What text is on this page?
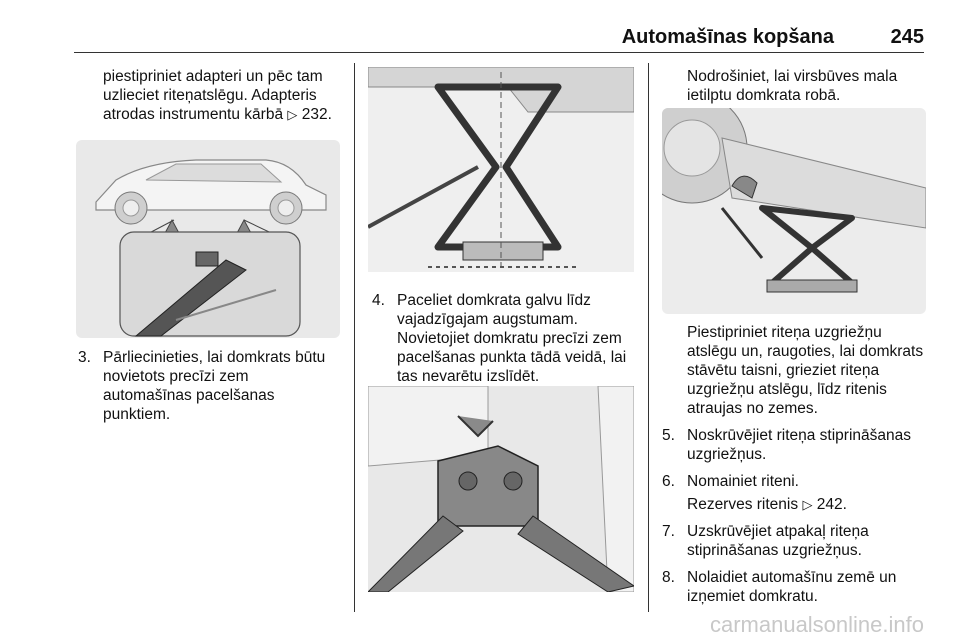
Automašīnas kopšana	245

piestipriniet adapteri un pēc tam uzlieciet riteņatslēgu. Adapteris atrodas instrumentu kārbā ▷ 232.

3. Pārliecinieties, lai domkrats būtu novietots precīzi zem automašīnas pacelšanas punktiem.
4. Paceliet domkrata galvu līdz vajadzīgajam augstumam. Novietojiet domkratu precīzi zem pacelšanas punkta tādā veidā, lai tas nevarētu izslīdēt.

Nodrošiniet, lai virsbūves mala ietilptu domkrata robā.

Piestipriniet riteņa uzgriežņu atslēgu un, raugoties, lai domkrats stāvētu taisni, grieziet riteņa uzgriežņu atslēgu, līdz ritenis atraujas no zemes.

5. Noskrūvējiet riteņa stiprināšanas uzgriežņus.
6. Nomainiet riteni.

Rezerves ritenis ▷ 242.

7. Uzskrūvējiet atpakaļ riteņa stiprināšanas uzgriežņus.
8. Nolaidiet automašīnu zemē un izņemiet domkratu.
carmanualsonline.info
